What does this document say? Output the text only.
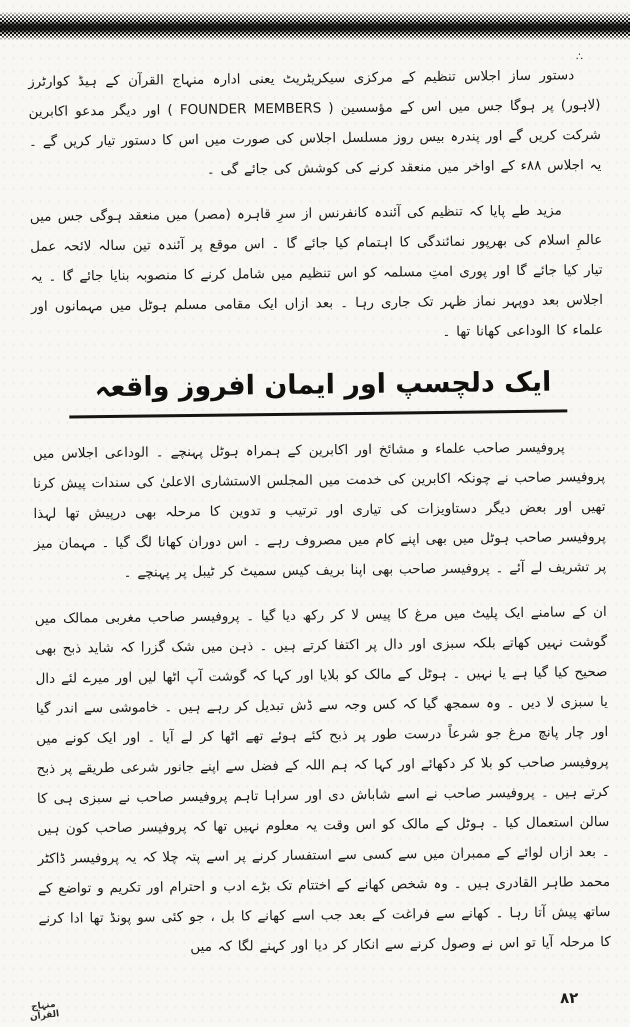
∴

دستور ساز اجلاس تنظیم کے مرکزی سیکریٹریٹ یعنی ادارہ منہاج القرآن کے ہیڈ کوارٹرز (لاہور) پر ہوگا جس میں اس کے مؤسسین ( FOUNDER MEMBERS ) اور دیگر مدعو اکابرین شرکت کریں گے اور پندرہ بیس روز مسلسل اجلاس کی صورت میں اس کا دستور تیار کریں گے ۔ یہ اجلاس ۸۸ء کے اواخر میں منعقد کرنے کی کوشش کی جائے گی ۔

مزید طے پایا کہ تنظیم کی آئندہ کانفرنس از سرِ قاہرہ (مصر) میں منعقد ہوگی جس میں عالمِ اسلام کی بھرپور نمائندگی کا اہتمام کیا جائے گا ۔ اس موقع پر آئندہ تین سالہ لائحہ عمل تیار کیا جائے گا اور پوری امتِ مسلمہ کو اس تنظیم میں شامل کرنے کا منصوبہ بنایا جائے گا ۔ یہ اجلاس بعد دوپہر نماز ظہر تک جاری رہا ۔ بعد ازاں ایک مقامی مسلم ہوٹل میں مہمانوں اور علماء کا الوداعی کھانا تھا ۔

ایک دلچسپ اور ایمان افروز واقعہ

پروفیسر صاحب علماء و مشائخ اور اکابرین کے ہمراہ ہوٹل پہنچے ۔ الوداعی اجلاس میں پروفیسر صاحب نے چونکہ اکابرین کی خدمت میں المجلس الاستشاری الاعلیٰ کی سندات پیش کرنا تھیں اور بعض دیگر دستاویزات کی تیاری اور ترتیب و تدوین کا مرحلہ بھی درپیش تھا لہذا پروفیسر صاحب ہوٹل میں بھی اپنے کام میں مصروف رہے ۔ اس دوران کھانا لگ گیا ۔ مہمان میز پر تشریف لے آئے ۔ پروفیسر صاحب بھی اپنا بریف کیس سمیٹ کر ٹیبل پر پہنچے ۔

ان کے سامنے ایک پلیٹ میں مرغ کا پیس لا کر رکھ دیا گیا ۔ پروفیسر صاحب مغربی ممالک میں گوشت نہیں کھاتے بلکہ سبزی اور دال پر اکتفا کرتے ہیں ۔ ذہن میں شک گزرا کہ شاید ذبح بھی صحیح کیا گیا ہے یا نہیں ۔ ہوٹل کے مالک کو بلایا اور کہا کہ گوشت آپ اٹھا لیں اور میرے لئے دال یا سبزی لا دیں ۔ وہ سمجھ گیا کہ کس وجہ سے ڈش تبدیل کر رہے ہیں ۔ خاموشی سے اندر گیا اور چار پانچ مرغ جو شرعاً درست طور پر ذبح کئے ہوئے تھے اٹھا کر لے آیا ۔ اور ایک کونے میں پروفیسر صاحب کو بلا کر دکھائے اور کہا کہ ہم اللہ کے فضل سے اپنے جانور شرعی طریقے پر ذبح کرتے ہیں ۔ پروفیسر صاحب نے اسے شاباش دی اور سراہا تاہم پروفیسر صاحب نے سبزی ہی کا سالن استعمال کیا ۔ ہوٹل کے مالک کو اس وقت یہ معلوم نہیں تھا کہ پروفیسر صاحب کون ہیں ۔ بعد ازاں لوائے کے ممبران میں سے کسی سے استفسار کرنے پر اسے پتہ چلا کہ یہ پروفیسر ڈاکٹر محمد طاہر القادری ہیں ۔ وہ شخص کھانے کے اختتام تک بڑے ادب و احترام اور تکریم و تواضع کے ساتھ پیش آتا رہا ۔ کھانے سے فراغت کے بعد جب اسے کھانے کا بل ، جو کئی سو پونڈ تھا ادا کرنے کا مرحلہ آیا تو اس نے وصول کرنے سے انکار کر دیا اور کہنے لگا کہ میں

منہاج القرآن
۸۲
